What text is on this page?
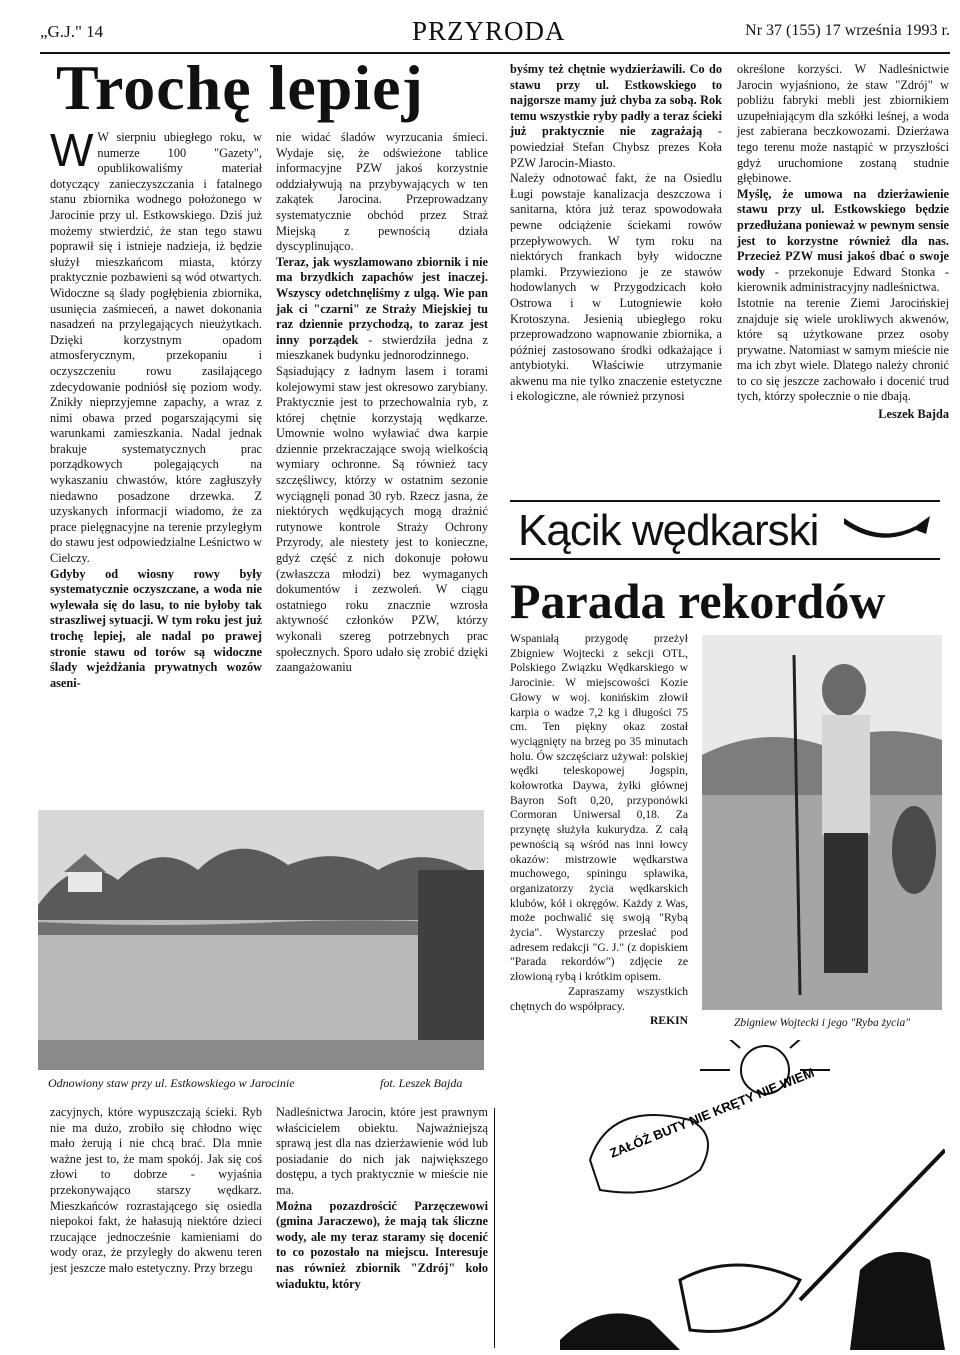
„G.J." 14	PRZYRODA	Nr 37 (155) 17 września 1993 r.
Trochę lepiej

W W sierpniu ubiegłego roku, w numerze 100 "Gazety", opublikowaliśmy materiał dotyczący zanieczyszczania i fatalnego stanu zbiornika wodnego położonego w Jarocinie przy ul. Estkowskiego. Dziś już możemy stwierdzić, że stan tego stawu poprawił się i istnieje nadzieja, iż będzie służył mieszkańcom miasta, którzy praktycznie pozbawieni są wód otwartych. Widoczne są ślady pogłębienia zbiornika, usunięcia zaśmieceń, a nawet dokonania nasadzeń na przylegających nieużytkach. Dzięki korzystnym opadom atmosferycznym, przekopaniu i oczyszczeniu rowu zasilającego zdecydowanie podniósł się poziom wody. Znikły nieprzyjemne zapachy, a wraz z nimi obawa przed pogarszającymi się warunkami zamieszkania. Nadal jednak brakuje systematycznych prac porządkowych polegających na wykaszaniu chwastów, które zagłuszyły niedawno posadzone drzewka. Z uzyskanych informacji wiadomo, że za prace pielęgnacyjne na terenie przyległym do stawu jest odpowiedzialne Leśnictwo w Cielczy.

Gdyby od wiosny rowy były systematycznie oczyszczane, a woda nie wylewała się do lasu, to nie byłoby tak straszliwej sytuacji. W tym roku jest już trochę lepiej, ale nadal po prawej stronie stawu od torów są widoczne ślady wjeżdżania prywatnych wozów aseni-

nie widać śladów wyrzucania śmieci. Wydaje się, że odświeżone tablice informacyjne PZW jakoś korzystnie oddziaływują na przybywających w ten zakątek Jarocina. Przeprowadzany systematycznie obchód przez Straż Miejską z pewnością działa dyscyplinująco.

Teraz, jak wyszlamowano zbiornik i nie ma brzydkich zapachów jest inaczej. Wszyscy odetchnęliśmy z ulgą. Wie pan jak ci "czarni" ze Straży Miejskiej tu raz dziennie przychodzą, to zaraz jest inny porządek - stwierdziła jedna z mieszkanek budynku jednorodzinnego.

Sąsiadujący z ładnym lasem i torami kolejowymi staw jest okresowo zarybiany. Praktycznie jest to przechowalnia ryb, z której chętnie korzystają wędkarze. Umownie wolno wyławiać dwa karpie dziennie przekraczające swoją wielkością wymiary ochronne. Są również tacy szczęśliwcy, którzy w ostatnim sezonie wyciągnęli ponad 30 ryb. Rzecz jasna, że niektórych wędkujących mogą drażnić rutynowe kontrole Straży Ochrony Przyrody, ale niestety jest to konieczne, gdyż część z nich dokonuje połowu (zwłaszcza młodzi) bez wymaganych dokumentów i zezwoleń. W ciągu ostatniego roku znacznie wzrosła aktywność członków PZW, którzy wykonali szereg potrzebnych prac społecznych. Sporo udało się zrobić dzięki zaangażowaniu

byśmy też chętnie wydzierżawili. Co do stawu przy ul. Estkowskiego to najgorsze mamy już chyba za sobą. Rok temu wszystkie ryby padły a teraz ścieki już praktycznie nie zagrażają - powiedział Stefan Chybsz prezes Koła PZW Jarocin-Miasto.

Należy odnotować fakt, że na Osiedlu Ługi powstaje kanalizacja deszczowa i sanitarna, która już teraz spowodowała pewne odciążenie ściekami rowów przepływowych. W tym roku na niektórych frankach były widoczne plamki. Przywieziono je ze stawów hodowlanych w Przygodzicach koło Ostrowa i w Lutogniewie koło Krotoszyna. Jesienią ubiegłego roku przeprowadzono wapnowanie zbiornika, a później zastosowano środki odkażające i antybiotyki. Właściwie utrzymanie akwenu ma nie tylko znaczenie estetyczne i ekologiczne, ale również przynosi

określone korzyści. W Nadleśnictwie Jarocin wyjaśniono, że staw "Zdrój" w pobliżu fabryki mebli jest zbiornikiem uzupełniającym dla szkółki leśnej, a woda jest zabierana beczkowozami. Dzierżawa tego terenu może nastąpić w przyszłości gdyż uruchomione zostaną studnie głębinowe.

Myślę, że umowa na dzierżawienie stawu przy ul. Estkowskiego będzie przedłużana ponieważ w pewnym sensie jest to korzystne również dla nas. Przecież PZW musi jakoś dbać o swoje wody - przekonuje Edward Stonka - kierownik administracyjny nadleśnictwa.

Istotnie na terenie Ziemi Jarocińskiej znajduje się wiele urokliwych akwenów, które są użytkowane przez osoby prywatne. Natomiast w samym mieście nie ma ich zbyt wiele. Dlatego należy chronić to co się jeszcze zachowało i docenić trud tych, którzy społecznie o nie dbają.

Leszek Bajda

Odnowiony staw przy ul. Estkowskiego w Jarocinie	fot. Leszek Bajda
zacyjnych, które wypuszczają ścieki. Ryb nie ma dużo, zrobiło się chłodno więc mało żerują i nie chcą brać. Dla mnie ważne jest to, że mam spokój. Jak się coś złowi to dobrze - wyjaśnia przekonywająco starszy wędkarz. Mieszkańców rozrastającego się osiedla niepokoi fakt, że hałasują niektóre dzieci rzucające jednocześnie kamieniami do wody oraz, że przyległy do akwenu teren jest jeszcze mało estetyczny. Przy brzegu

Nadleśnictwa Jarocin, które jest prawnym właścicielem obiektu. Najważniejszą sprawą jest dla nas dzierżawienie wód lub posiadanie do nich jak największego dostępu, a tych praktycznie w mieście nie ma.

Można pozazdrościć Parzęczewowi (gmina Jaraczewo), że mają tak śliczne wody, ale my teraz staramy się docenić to co pozostało na miejscu. Interesuje nas również zbiornik "Zdrój" koło wiaduktu, który

Kącik wędkarski
Parada rekordów

Wspaniałą przygodę przeżył Zbigniew Wojtecki z sekcji OTL, Polskiego Związku Wędkarskiego w Jarocinie. W miejscowości Kozie Głowy w woj. konińskim złowił karpia o wadze 7,2 kg i długości 75 cm. Ten piękny okaz został wyciągnięty na brzeg po 35 minutach holu. Ów szczęściarz używał: polskiej wędki teleskopowej Jogspin, kołowrotka Daywa, żyłki głównej Bayron Soft 0,20, przyponówki Cormoran Uniwersal 0,18. Za przynętę służyła kukurydza. Z całą pewnością są wśród nas inni łowcy okazów: mistrzowie wędkarstwa muchowego, spiningu spławika, organizatorzy życia wędkarskich klubów, kół i okręgów. Każdy z Was, może pochwalić się swoją "Rybą życia". Wystarczy przesłać pod adresem redakcji "G. J." (z dopiskiem "Parada rekordów") zdjęcie ze złowioną rybą i krótkim opisem.

Zapraszamy wszystkich chętnych do współpracy.

REKIN	Zbigniew Wojtecki i jego "Ryba życia"
ZAŁÓŻ BUTY NIE KRĘTY NIE WIEM
